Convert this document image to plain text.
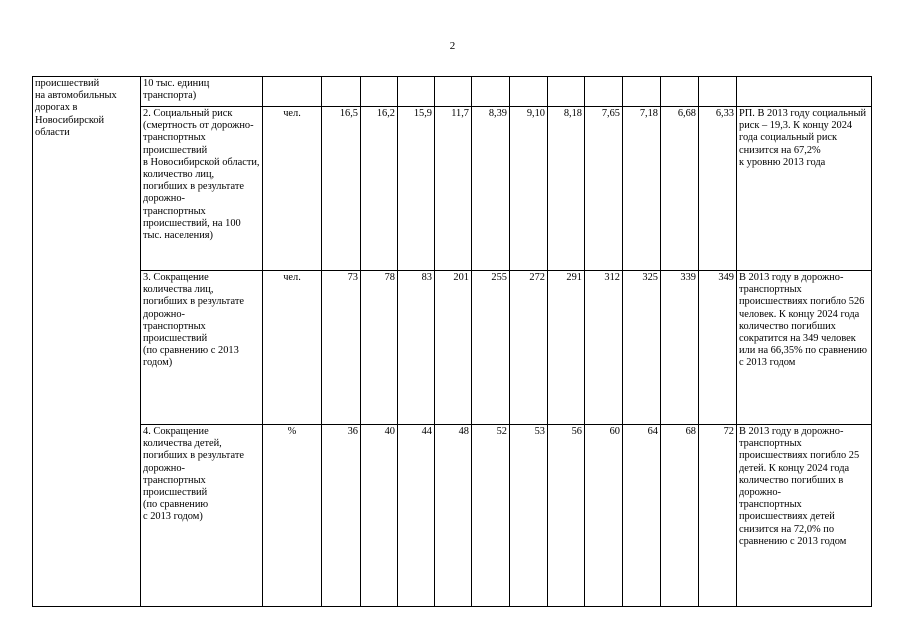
2
происшествий
на автомобильных дорогах в Новосибирской области	10 тыс. единиц
транспорта)														
	2. Социальный риск (смертность от дорожно-
транспортных
происшествий
в Новосибирской области, количество лиц, погибших в результате дорожно-
транспортных происшествий, на 100 тыс. населения)	чел.	16,5	16,2	15,9	11,7	8,39	9,10	8,18	7,65	7,18	6,68	6,33	РП. В 2013 году социальный риск – 19,3. К концу 2024 года социальный риск снизится на 67,2%
к уровню 2013 года	
	3. Сокращение количества лиц, погибших в результате дорожно-
транспортных происшествий
(по сравнению с 2013 годом)	чел.	73	78	83	201	255	272	291	312	325	339	349	В 2013 году в дорожно-
транспортных происшествиях погибло 526 человек. К концу 2024 года количество погибших сократится на 349 человек или на 66,35% по сравнению с 2013 годом	
	4. Сокращение количества детей, погибших в результате дорожно-
транспортных происшествий
(по сравнению
с 2013 годом)	%	36	40	44	48	52	53	56	60	64	68	72	В 2013 году в дорожно-
транспортных происшествиях погибло 25 детей. К концу 2024 года количество погибших в дорожно-
транспортных происшествиях детей снизится на 72,0% по сравнению с 2013 годом	
